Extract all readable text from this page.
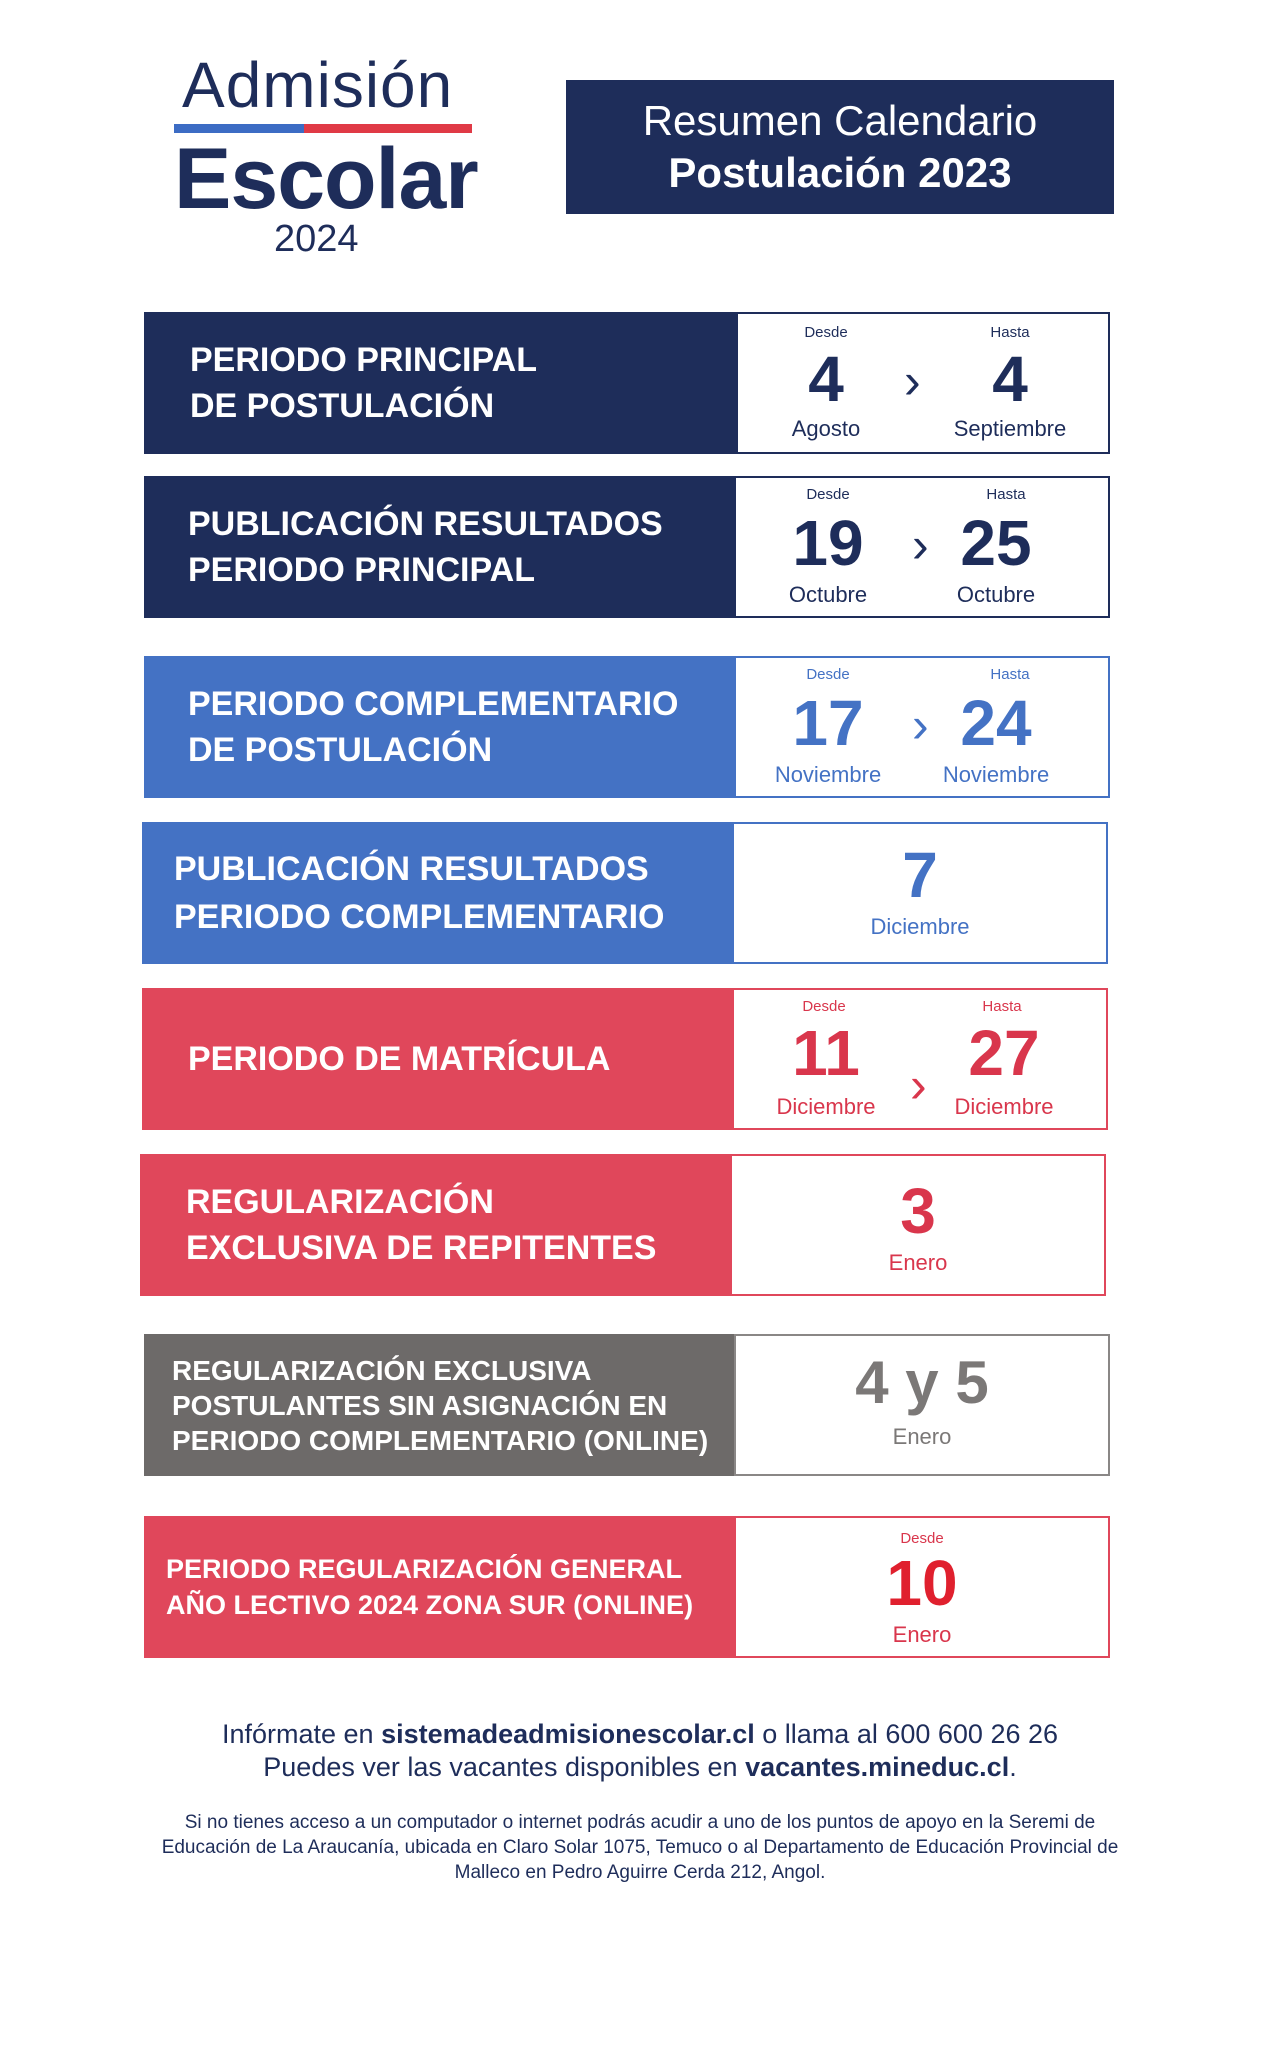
Admisión
Escolar
2024
Resumen Calendario
Postulación 2023
PERIODO PRINCIPAL
DE POSTULACIÓN
Desde
4
Agosto
›
Hasta
4
Septiembre
PUBLICACIÓN RESULTADOS
PERIODO PRINCIPAL
Desde
19
Octubre
›
Hasta
25
Octubre
PERIODO COMPLEMENTARIO
DE POSTULACIÓN
Desde
17
Noviembre
›
Hasta
24
Noviembre
PUBLICACIÓN RESULTADOS
PERIODO COMPLEMENTARIO
7
Diciembre
PERIODO DE MATRÍCULA
Desde
11
Diciembre ›
Hasta
27
Diciembre
REGULARIZACIÓN
EXCLUSIVA DE REPITENTES
3
Enero
REGULARIZACIÓN EXCLUSIVA
POSTULANTES SIN ASIGNACIÓN EN
PERIODO COMPLEMENTARIO (ONLINE)
4 y 5
Enero
PERIODO REGULARIZACIÓN GENERAL
AÑO LECTIVO 2024 ZONA SUR (ONLINE)
Desde
10
Enero
Infórmate en sistemadeadmisionescolar.cl o llama al 600 600 26 26
Puedes ver las vacantes disponibles en vacantes.mineduc.cl.
Si no tienes acceso a un computador o internet podrás acudir a uno de los puntos de apoyo en la Seremi de Educación de La Araucanía, ubicada en Claro Solar 1075, Temuco o al Departamento de Educación Provincial de Malleco en Pedro Aguirre Cerda 212, Angol.
